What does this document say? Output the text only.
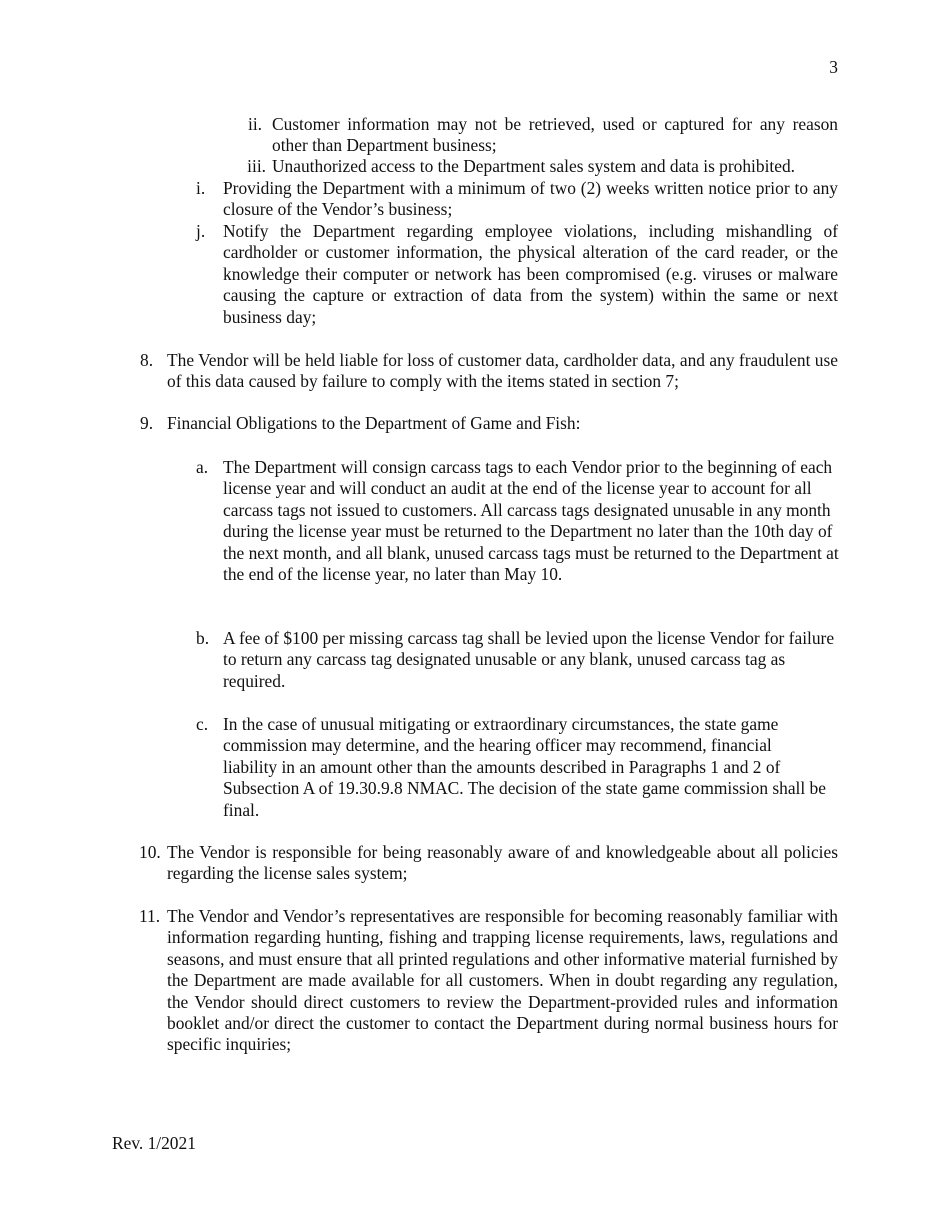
3
ii. Customer information may not be retrieved, used or captured for any reason other than Department business;
iii. Unauthorized access to the Department sales system and data is prohibited.
i. Providing the Department with a minimum of two (2) weeks written notice prior to any closure of the Vendor’s business;
j. Notify the Department regarding employee violations, including mishandling of cardholder or customer information, the physical alteration of the card reader, or the knowledge their computer or network has been compromised (e.g. viruses or malware causing the capture or extraction of data from the system) within the same or next business day;
8. The Vendor will be held liable for loss of customer data, cardholder data, and any fraudulent use of this data caused by failure to comply with the items stated in section 7;
9. Financial Obligations to the Department of Game and Fish:
a. The Department will consign carcass tags to each Vendor prior to the beginning of each license year and will conduct an audit at the end of the license year to account for all carcass tags not issued to customers. All carcass tags designated unusable in any month during the license year must be returned to the Department no later than the 10th day of the next month, and all blank, unused carcass tags must be returned to the Department at the end of the license year, no later than May 10.
b. A fee of $100 per missing carcass tag shall be levied upon the license Vendor for failure to return any carcass tag designated unusable or any blank, unused carcass tag as required.
c. In the case of unusual mitigating or extraordinary circumstances, the state game commission may determine, and the hearing officer may recommend, financial liability in an amount other than the amounts described in Paragraphs 1 and 2 of Subsection A of 19.30.9.8 NMAC. The decision of the state game commission shall be final.
10. The Vendor is responsible for being reasonably aware of and knowledgeable about all policies regarding the license sales system;
11. The Vendor and Vendor’s representatives are responsible for becoming reasonably familiar with information regarding hunting, fishing and trapping license requirements, laws, regulations and seasons, and must ensure that all printed regulations and other informative material furnished by the Department are made available for all customers. When in doubt regarding any regulation, the Vendor should direct customers to review the Department-provided rules and information booklet and/or direct the customer to contact the Department during normal business hours for specific inquiries;
Rev. 1/2021
